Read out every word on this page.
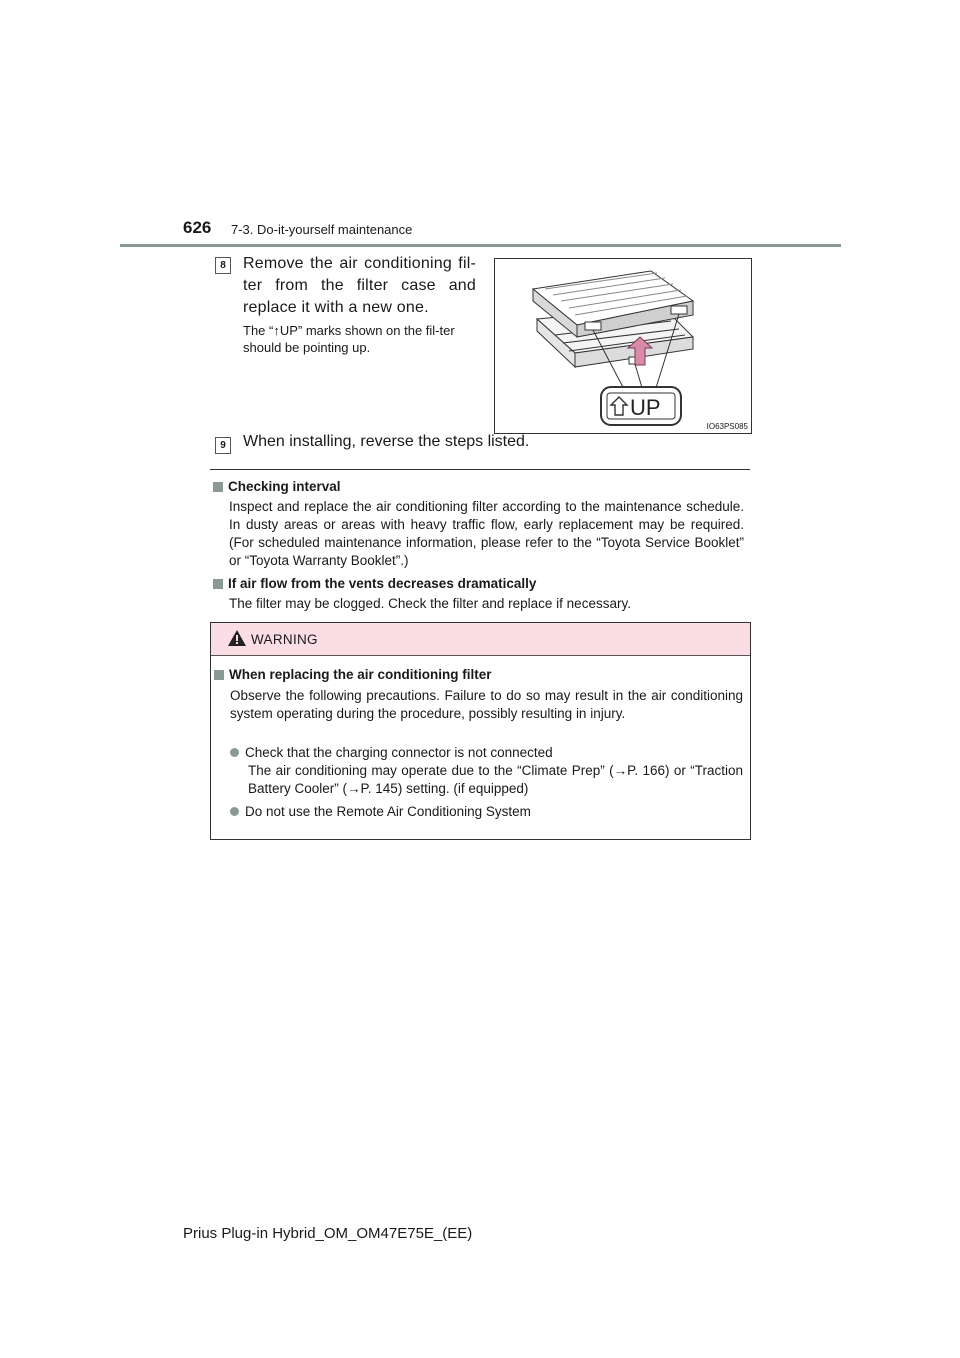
626 7-3. Do-it-yourself maintenance
8	Remove the air conditioning fil-ter from the filter case and replace it with a new one.
The “↑UP” marks shown on the fil-ter should be pointing up.
UP
IO63PS085
9	When installing, reverse the steps listed.
Checking interval
Inspect and replace the air conditioning filter according to the maintenance schedule. In dusty areas or areas with heavy traffic flow, early replacement may be required. (For scheduled maintenance information, please refer to the “Toyota Service Booklet” or “Toyota Warranty Booklet”.)
If air flow from the vents decreases dramatically
The filter may be clogged. Check the filter and replace if necessary.
WARNING
When replacing the air conditioning filter
Observe the following precautions. Failure to do so may result in the air conditioning system operating during the procedure, possibly resulting in injury.
Check that the charging connector is not connected
The air conditioning may operate due to the “Climate Prep” (→P. 166) or “Traction Battery Cooler” (→P. 145) setting. (if equipped)
Do not use the Remote Air Conditioning System
Prius Plug-in Hybrid_OM_OM47E75E_(EE)
